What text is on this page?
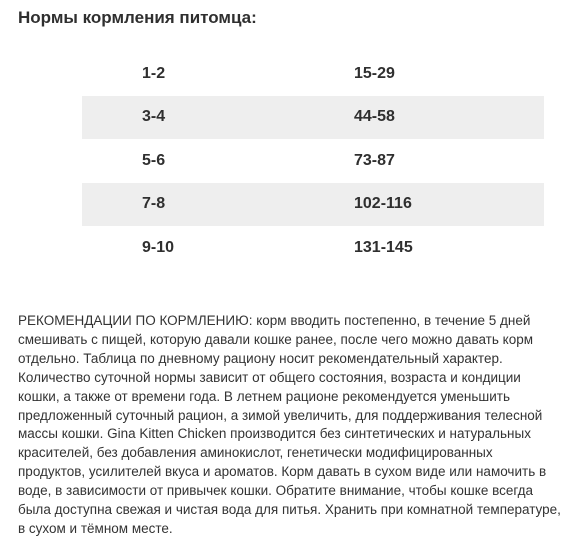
Нормы кормления питомца:
1-2	15-29
3-4	44-58
5-6	73-87
7-8	102-116
9-10	131-145
РЕКОМЕНДАЦИИ ПО КОРМЛЕНИЮ: корм вводить постепенно, в течение 5 дней смешивать с пищей, которую давали кошке ранее, после чего можно давать корм отдельно. Таблица по дневному рациону носит рекомендательный характер. Количество суточной нормы зависит от общего состояния, возраста и кондиции кошки, а также от времени года. В летнем рационе рекомендуется уменьшить предложенный суточный рацион, а зимой увеличить, для поддерживания телесной массы кошки. Gina Kitten Chicken производится без синтетических и натуральных красителей, без добавления аминокислот, генетически модифицированных продуктов, усилителей вкуса и ароматов. Корм давать в сухом виде или намочить в воде, в зависимости от привычек кошки. Обратите внимание, чтобы кошке всегда была доступна свежая и чистая вода для питья. Хранить при комнатной температуре, в сухом и тёмном месте.
